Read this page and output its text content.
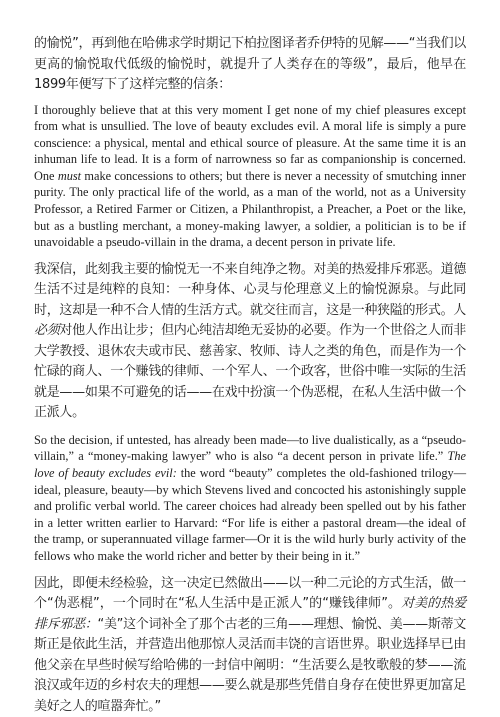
的愉悦”，再到他在哈佛求学时期记下柏拉图译者乔伊特的见解——“当我们以更高的愉悦取代低级的愉悦时，就提升了人类存在的等级”，最后，他早在1899年便写下了这样完整的信条：

I thoroughly believe that at this very moment I get none of my chief pleasures except from what is unsullied. The love of beauty excludes evil. A moral life is simply a pure conscience: a physical, mental and ethical source of pleasure. At the same time it is an inhuman life to lead. It is a form of narrowness so far as companionship is concerned. One must make concessions to others; but there is never a necessity of smutching inner purity. The only practical life of the world, as a man of the world, not as a University Professor, a Retired Farmer or Citizen, a Philanthropist, a Preacher, a Poet or the like, but as a bustling merchant, a money-making lawyer, a soldier, a politician is to be if unavoidable a pseudo-villain in the drama, a decent person in private life.

我深信，此刻我主要的愉悦无一不来自纯净之物。对美的热爱排斥邪恶。道德生活不过是纯粹的良知：一种身体、心灵与伦理意义上的愉悦源泉。与此同时，这却是一种不合人情的生活方式。就交往而言，这是一种狭隘的形式。人必须对他人作出让步；但内心纯洁却绝无妥协的必要。作为一个世俗之人而非大学教授、退休农夫或市民、慈善家、牧师、诗人之类的角色，而是作为一个忙碌的商人、一个赚钱的律师、一个军人、一个政客，世俗中唯一实际的生活就是——如果不可避免的话——在戏中扮演一个伪恶棍，在私人生活中做一个正派人。

So the decision, if untested, has already been made—to live dualistically, as a “pseudo-villain,” a “money-making lawyer” who is also “a decent person in private life.” The love of beauty excludes evil: the word “beauty” completes the old-fashioned trilogy—ideal, pleasure, beauty—by which Stevens lived and concocted his astonishingly supple and prolific verbal world. The career choices had already been spelled out by his father in a letter written earlier to Harvard: “For life is either a pastoral dream—the ideal of the tramp, or superannuated village farmer—Or it is the wild hurly burly activity of the fellows who make the world richer and better by their being in it.”

因此，即便未经检验，这一决定已然做出——以一种二元论的方式生活，做一个“伪恶棍”，一个同时在“私人生活中是正派人”的“赚钱律师”。对美的热爱排斥邪恶：“美”这个词补全了那个古老的三角——理想、愉悦、美——斯蒂文斯正是依此生活，并营造出他那惊人灵活而丰饶的言语世界。职业选择早已由他父亲在早些时候写给哈佛的一封信中阐明：“生活要么是牧歌般的梦——流浪汉或年迈的乡村农夫的理想——要么就是那些凭借自身存在使世界更加富足美好之人的喧嚣奔忙。”
